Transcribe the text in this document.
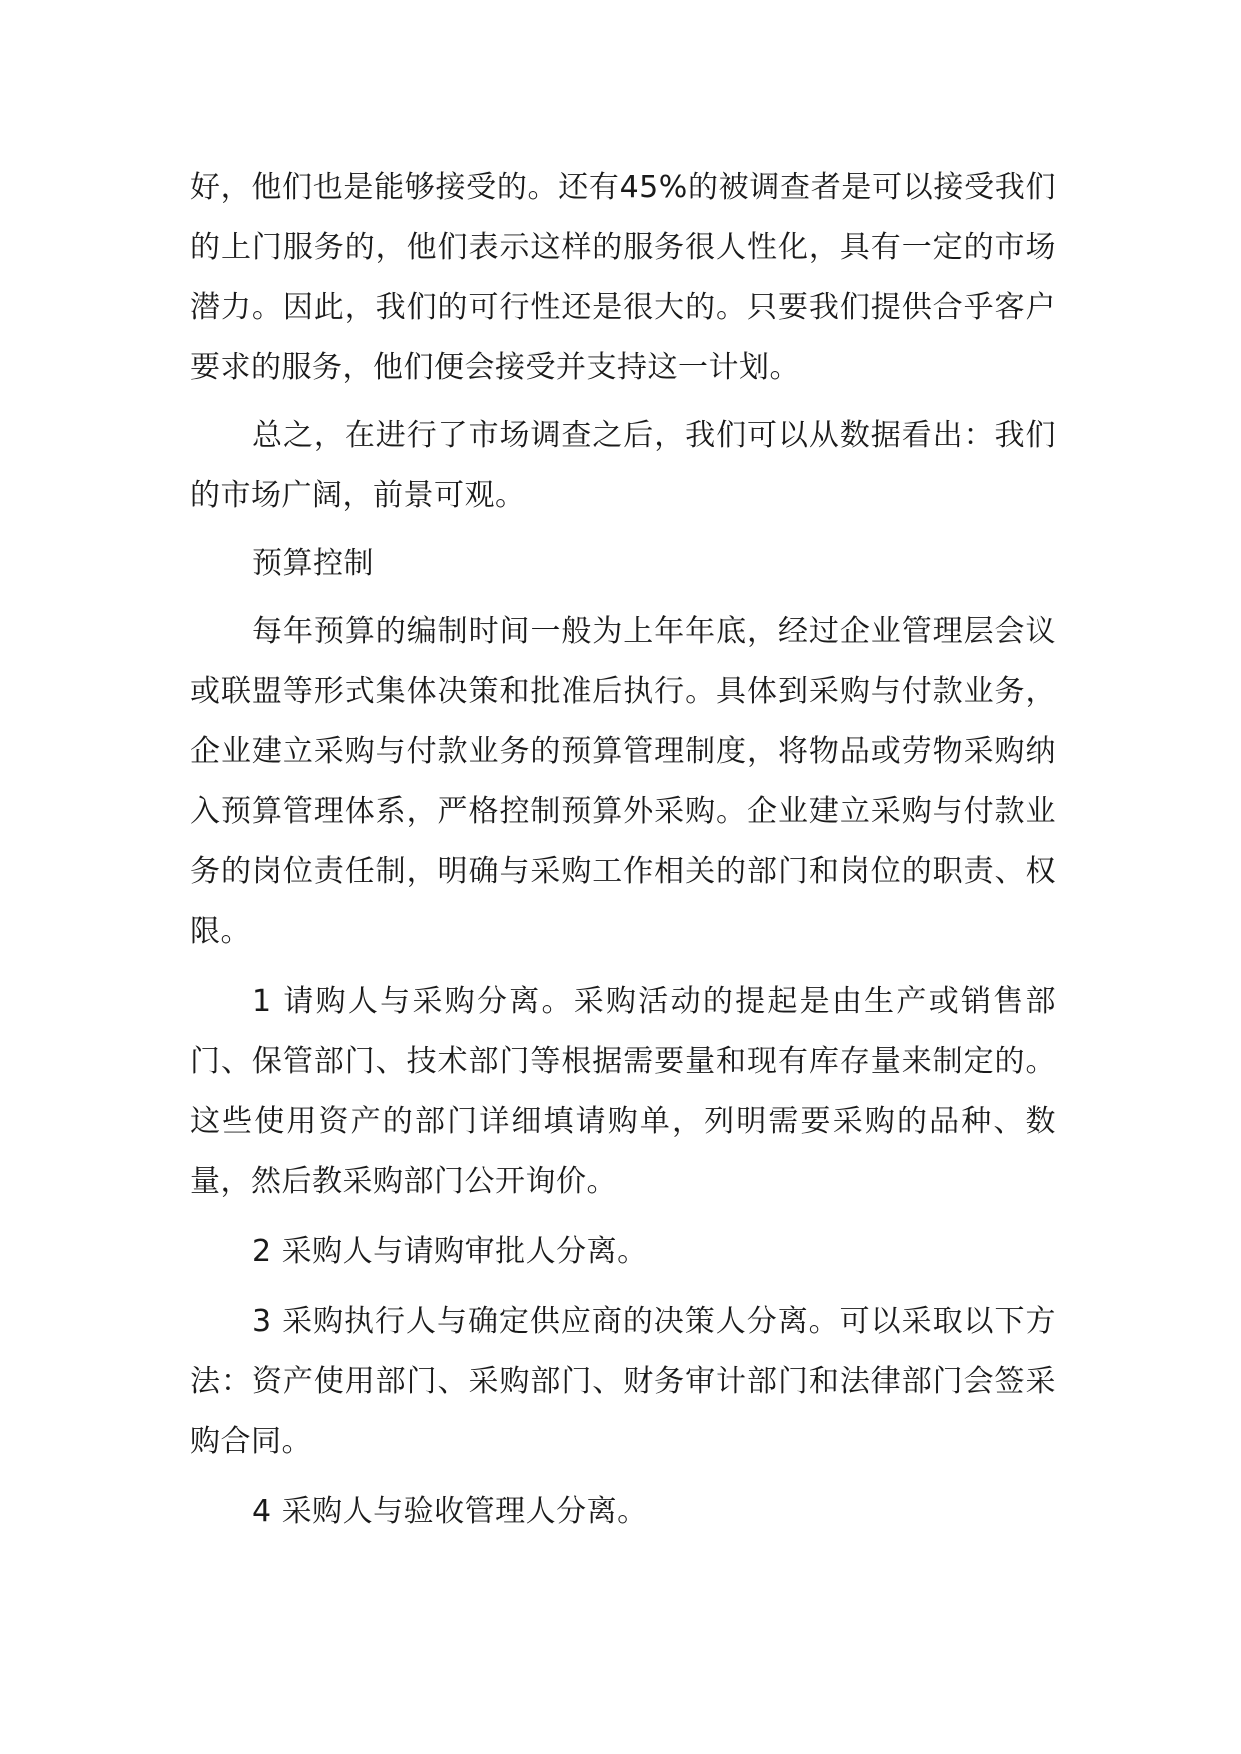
好，他们也是能够接受的。还有45%的被调查者是可以接受我们的上门服务的，他们表示这样的服务很人性化，具有一定的市场潜力。因此，我们的可行性还是很大的。只要我们提供合乎客户要求的服务，他们便会接受并支持这一计划。

总之，在进行了市场调查之后，我们可以从数据看出：我们的市场广阔，前景可观。

预算控制

每年预算的编制时间一般为上年年底，经过企业管理层会议或联盟等形式集体决策和批准后执行。具体到采购与付款业务，企业建立采购与付款业务的预算管理制度，将物品或劳物采购纳入预算管理体系，严格控制预算外采购。企业建立采购与付款业务的岗位责任制，明确与采购工作相关的部门和岗位的职责、权限。

1 请购人与采购分离。采购活动的提起是由生产或销售部门、保管部门、技术部门等根据需要量和现有库存量来制定的。这些使用资产的部门详细填请购单，列明需要采购的品种、数量，然后教采购部门公开询价。

2 采购人与请购审批人分离。

3 采购执行人与确定供应商的决策人分离。可以采取以下方法：资产使用部门、采购部门、财务审计部门和法律部门会签采购合同。

4 采购人与验收管理人分离。
